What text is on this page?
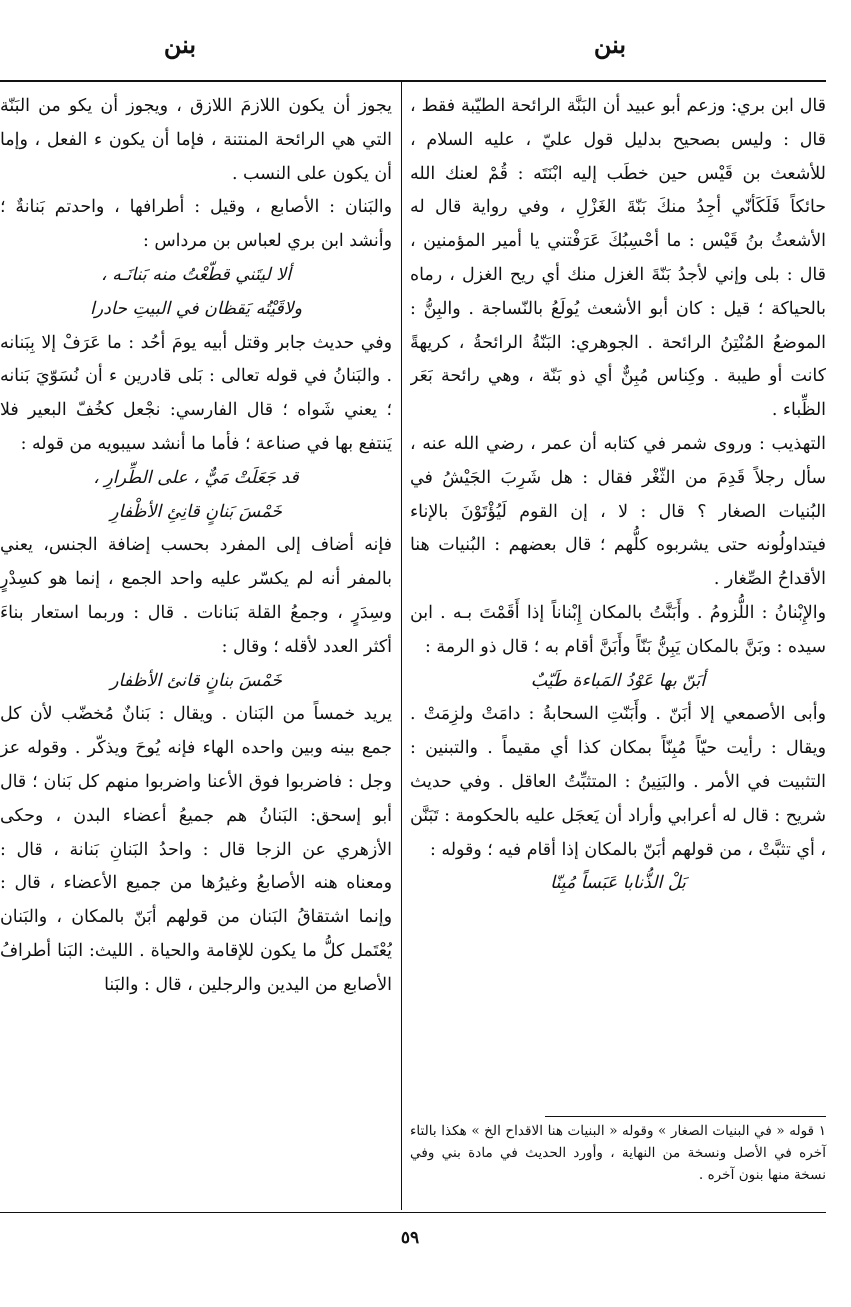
بنن	بنن

قال ابن بري: وزعم أبو عبيد أن البَنَّة الرائحة الطيّبة فقط ، قال : وليس بصحيح بدليل قول عليّ ، عليه السلام ، للأشعث بن قَيْس حين خطَب إليه ابْنَتَه : قُمْ لعنك الله حائكاً فَلَكَأنّي أجِدُ منكَ بَنّةَ الغَزْلِ ، وفي رواية قال له الأشعثُ بنُ قَيْس : ما أحْسِبُكَ عَرَفْتني يا أمير المؤمنين ، قال : بلى وإني لأجدُ بَنّةَ الغزل منك أي ريح الغزل ، رماه بالحياكة ؛ قيل : كان أبو الأشعث يُولَعُ بالنّساجة . والبِنُّ : الموضعُ المُنْتِنُ الرائحة . الجوهري: البَنّةُ الرائحةُ ، كريهةً كانت أو طيبة . وكِناس مُبِنٌّ أي ذو بَنّة ، وهي رائحة بَعَر الظِّباء .

التهذيب : وروى شمر في كتابه أن عمر ، رضي الله عنه ، سأل رجلاً قَدِمَ من الثّغْر فقال : هل شَرِبَ الجَيْشُ في البُنيات الصغار ؟ قال : لا ، إن القوم لَيُؤْتَوْنَ بالإناء فيتداولُونه حتى يشربوه كلُّهم ؛ قال بعضهم : البُنيات هنا الأقداحُ الصِّغار .

والإِبْنانُ : اللُّزومُ . وأَبَنَّتُ بالمكان إِبْناناً إذا أَقَمْتَ بـه . ابن سيده : وبَنَّ بالمكان يَبِنُّ بَنّاً وأَبَنَّ أقام به ؛ قال ذو الرمة :

أبَنّ بها عَوْدُ المَباءة طَيّبٌ

وأبى الأصمعي إلا أبَنّ . وأَبَنّتِ السحابةُ : دامَتْ ولزِمَتْ . ويقال : رأيت حيّاً مُبِنّاً بمكان كذا أي مقيماً . والتبنين : التثبيت في الأمر . والبَنِينُ : المتثبِّتُ العاقل . وفي حديث شريح : قال له أعرابي وأراد أن يَعجَل عليه بالحكومة : تَبَنَّن ، أي تثبَّتْ ، من قولهم أبَنّ بالمكان إذا أقام فيه ؛ وقوله :

بَلْ الذُّنابا عَبَساً مُبِنّا

يجوز أن يكون اللازمَ اللازق ، ويجوز أن يكو من البَنّة التي هي الرائحة المنتنة ، فإما أن يكون ء الفعل ، وإما أن يكون على النسب .

والبَنان : الأصابع ، وقيل : أطرافها ، واحدتم بَنانةٌ ؛ وأنشد ابن بري لعباس بن مرداس :

ألا ليتَني قطّعْتُ منه بَنانَـه ،

ولاقَيْتُه يَقظان في البيتِ حادرا

وفي حديث جابر وقتل أبيه يومَ أحُد : ما عَرَفْ إلا بِبَنانه . والبَنانُ في قوله تعالى : بَلى قادرين ء أن نُسَوّيَ بَنانه ؛ يعني شَواه ؛ قال الفارسي: نجْعل كخُفّ البعير فلا يَنتفع بها في صناعة ؛ فأما ما أنشد سيبويه من قوله :

قد جَعَلَتْ مَيٌّ ، على الطِّرارِ ،

خَمْسَ بَنانٍ قانِئِ الأظْفارِ

فإنه أضاف إلى المفرد بحسب إضافة الجنس، يعني بالمفر أنه لم يكسّر عليه واحد الجمع ، إنما هو كسِدْرٍ وسِدَرٍ ، وجمعُ القلة بَنانات . قال : وربما استعار بناءَ أكثر العدد لأقله ؛ وقال :

خَمْسَ بنانٍ قانئ الأظفار

يريد خمساً من البَنان . ويقال : بَنانٌ مُخضّب لأن كل جمع بينه وبين واحده الهاء فإنه يُوحَ ويذكّر . وقوله عز وجل : فاضربوا فوق الأعنا واضربوا منهم كل بَنان ؛ قال أبو إسحق: البَنانُ هم جميعُ أعضاء البدن ، وحكى الأزهري عن الزجا قال : واحدُ البَنانِ بَنانة ، قال : ومعناه هنه الأصابعُ وغيرُها من جميع الأعضاء ، قال : وإنما اشتقاقُ البَنان من قولهم أبَنّ بالمكان ، والبَنان يُعْتَمل كلُّ ما يكون للإقامة والحياة . الليث: البَنا أطرافُ الأصابع من اليدين والرجلين ، قال : والبَنا

١ قوله « في البنيات الصغار » وقوله « البنيات هنا الاقداح الخ » هكذا بالتاء آخره في الأصل ونسخة من النهاية ، وأورد الحديث في مادة بني وفي نسخة منها بنون آخره .
٥٩
